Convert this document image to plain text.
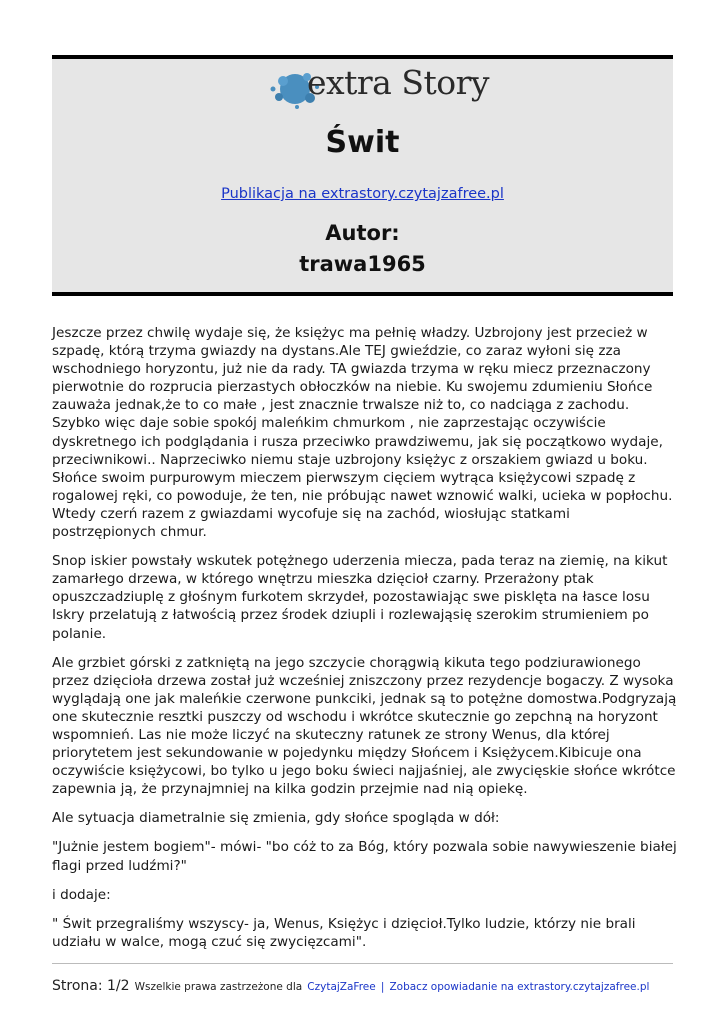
extra Story
Świt
Publikacja na extrastory.czytajzafree.pl
Autor:
trawa1965

Jeszcze przez chwilę wydaje się, że księżyc ma pełnię władzy. Uzbrojony jest przecież w szpadę, którą trzyma gwiazdy na dystans.Ale TEJ gwieździe, co zaraz wyłoni się zza wschodniego horyzontu, już nie da rady. TA gwiazda trzyma w ręku miecz przeznaczony pierwotnie do rozprucia pierzastych obłoczków na niebie. Ku swojemu zdumieniu Słońce zauważa jednak,że to co małe , jest znacznie trwalsze niż to, co nadciąga z zachodu. Szybko więc daje sobie spokój maleńkim chmurkom , nie zaprzestając oczywiście dyskretnego ich podglądania i rusza przeciwko prawdziwemu, jak się początkowo wydaje, przeciwnikowi.. Naprzeciwko niemu staje uzbrojony księżyc z orszakiem gwiazd u boku. Słońce swoim purpurowym mieczem pierwszym cięciem wytrąca księżycowi szpadę z rogalowej ręki, co powoduje, że ten, nie próbując nawet wznowić walki, ucieka w popłochu. Wtedy czerń razem z gwiazdami wycofuje się na zachód, wiosłując statkami postrzępionych chmur.

Snop iskier powstały wskutek potężnego uderzenia miecza, pada teraz na ziemię, na kikut zamarłego drzewa, w którego wnętrzu mieszka dzięcioł czarny. Przerażony ptak opuszczadziuplę z głośnym furkotem skrzydeł, pozostawiając swe pisklęta na łasce losu Iskry przelatują z łatwością przez środek dziupli i rozlewająsię szerokim strumieniem po polanie.

Ale grzbiet górski z zatkniętą na jego szczycie chorągwią kikuta tego podziurawionego przez dzięcioła drzewa został już wcześniej zniszczony przez rezydencje bogaczy. Z wysoka wyglądają one jak maleńkie czerwone punkciki, jednak są to potężne domostwa.Podgryzają one skutecznie resztki puszczy od wschodu i wkrótce skutecznie go zepchną na horyzont wspomnień. Las nie może liczyć na skuteczny ratunek ze strony Wenus, dla której priorytetem jest sekundowanie w pojedynku między Słońcem i Księżycem.Kibicuje ona oczywiście księżycowi, bo tylko u jego boku świeci najjaśniej, ale zwycięskie słońce wkrótce zapewnia ją, że przynajmniej na kilka godzin przejmie nad nią opiekę.

Ale sytuacja diametralnie się zmienia, gdy słońce spogląda w dół:

"Jużnie jestem bogiem"- mówi- "bo cóż to za Bóg, który pozwala sobie nawywieszenie białej flagi przed ludźmi?"

i dodaje:

" Świt przegraliśmy wszyscy- ja, Wenus, Księżyc i dzięcioł.Tylko ludzie, którzy nie brali udziału w walce, mogą czuć się zwycięzcami".

Strona: 1/2 Wszelkie prawa zastrzeżone dla CzytajZaFree | Zobacz opowiadanie na extrastory.czytajzafree.pl
